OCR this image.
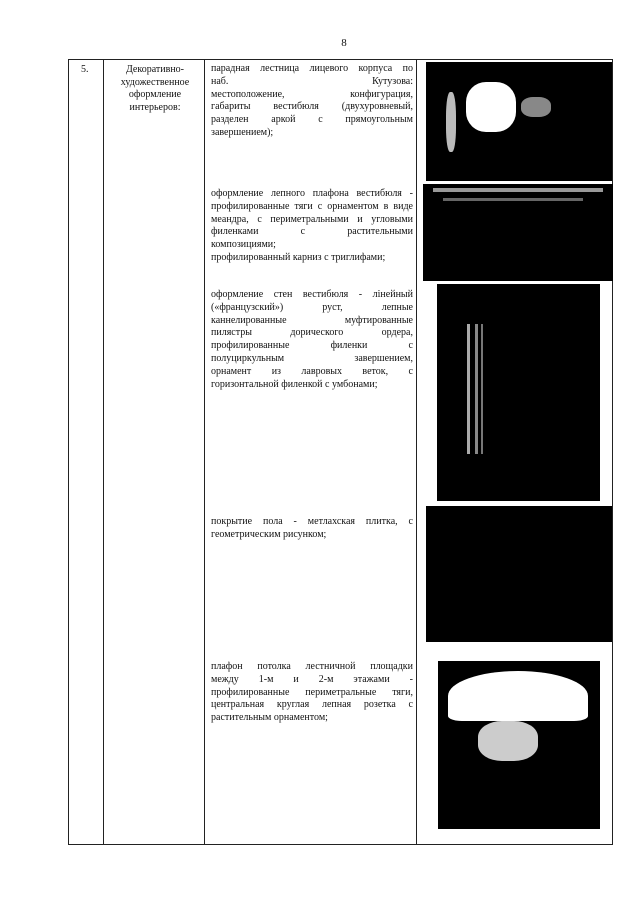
8
5.	Декоративно-
художественное
оформление
интерьеров:
парадная лестница лицевого корпуса по
наб. Кутузова:
местоположение, конфигурация,
габариты вестибюля (двухуровневый,
разделен аркой с прямоугольным
завершением);
оформление лепного плафона вестибюля -
профилированные тяги с орнаментом в виде
меандра, с периметральными и угловыми
филенками с растительными
композициями;
профилированный карниз с триглифами;
оформление стен вестибюля - лінейный
(«французский») руст, лепные
каннелированные муфтированные
пилястры дорического ордера,
профилированные филенки с
полуциркульным завершением,
орнамент из лавровых веток, с
горизонтальной филенкой с умбонами;
покрытие пола - метлахская плитка, с
геометрическим рисунком;
плафон потолка лестничной площадки
между 1-м и 2-м этажами -
профилированные периметральные тяги,
центральная круглая лепная розетка с
растительным орнаментом;
